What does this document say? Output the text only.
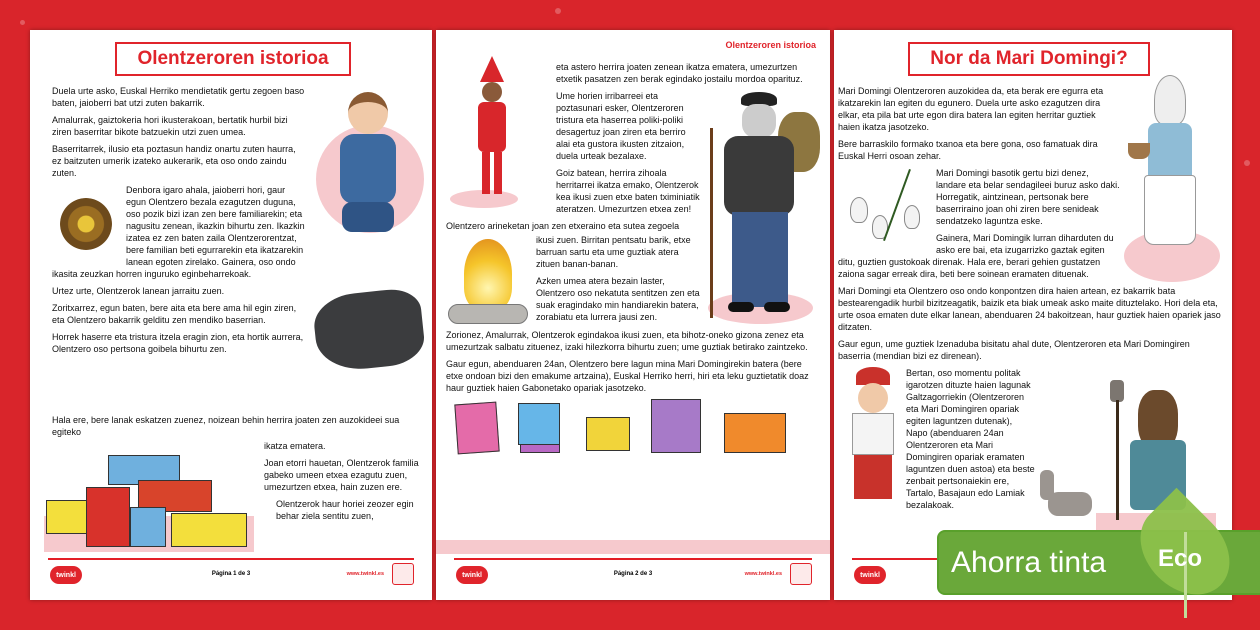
Olentzeroren istorioa
Duela urte asko, Euskal Herriko mendietatik gertu zegoen baso baten, jaioberri bat utzi zuten bakarrik.
Amalurrak, gaiztokeria hori ikusterakoan, bertatik hurbil bizi ziren baserritar bikote batzuekin utzi zuen umea.
Baserritarrek, ilusio eta poztasun handiz onartu zuten haurra, ez baitzuten umerik izateko aukerarik, eta oso ondo zaindu zuten.
Denbora igaro ahala, jaioberri hori, gaur egun Olentzero bezala ezagutzen duguna, oso pozik bizi izan zen bere familiarekin; eta nagusitu zenean, ikazkin bihurtu zen. Ikazkin izatea ez zen baten zaila Olentzerorentzat, bere familian beti egurrarekin eta ikatzarekin lanean egoten zirelako. Gainera, oso ondo ikasita zeuzkan horren inguruko eginbeharrekoak.
Urtez urte, Olentzerok lanean jarraitu zuen.
Zoritxarrez, egun baten, bere aita eta bere ama hil egin ziren, eta Olentzero bakarrik gelditu zen mendiko baserrian.
Horrek haserre eta tristura itzela eragin zion, eta hortik aurrera, Olentzero oso pertsona goibela bihurtu zen.
Hala ere, bere lanak eskatzen zuenez, noizean behin herrira joaten zen auzokideei sua egiteko
ikatza ematera.
Joan etorri hauetan, Olentzerok familia gabeko umeen etxea ezagutu zuen, umezurtzen etxea, hain zuzen ere.
Olentzerok haur horiei zeozer egin behar ziela sentitu zuen,
twinkl	Página 1 de 3	www.twinkl.es
Olentzeroren istorioa
eta astero herrira joaten zenean ikatza ematera, umezurtzen etxetik pasatzen zen berak egindako jostailu mordoa oparituz.
Ume horien irribarreei eta poztasunari esker, Olentzeroren tristura eta haserrea poliki-poliki desagertuz joan ziren eta berriro alai eta gustora ikusten zitzaion, duela urteak bezalaxe.
Goiz batean, herrira zihoala herritarrei ikatza emako, Olentzerok kea ikusi zuen etxe baten tximiniatik ateratzen. Umezurtzen etxea zen!
Olentzero arineketan joan zen etxeraino eta sutea zegoela
ikusi zuen. Birritan pentsatu barik, etxe barruan sartu eta ume guztiak atera zituen banan-banan.
Azken umea atera bezain laster, Olentzero oso nekatuta sentitzen zen eta suak eragindako min handiarekin batera, zorabiatu eta lurrera jausi zen.
Zorionez, Amalurrak, Olentzerok egindakoa ikusi zuen, eta bihotz-oneko gizona zenez eta umezurtzak salbatu zituenez, izaki hilezkorra bihurtu zuen; ume guztiak betirako zaintzeko.
Gaur egun, abenduaren 24an, Olentzero bere lagun mina Mari Domingirekin batera (bere etxe ondoan bizi den emakume artzaina), Euskal Herriko herri, hiri eta leku guztietatik doaz haur guztiek haien Gabonetako opariak jasotzeko.
twinkl	Página 2 de 3	www.twinkl.es
Nor da Mari Domingi?
Mari Domingi Olentzeroren auzokidea da, eta berak ere egurra eta ikatzarekin lan egiten du egunero. Duela urte asko ezagutzen dira elkar, eta pila bat urte egon dira batera lan egiten herritar guztiek haien ikatza jasotzeko.
Bere barraskilo formako txanoa eta bere gona, oso famatuak dira Euskal Herri osoan zehar.
Mari Domingi basotik gertu bizi denez, landare eta belar sendagileei buruz asko daki. Horregatik, aintzinean, pertsonak bere baserriraino joan ohi ziren bere senideak sendatzeko laguntza eske.
Gainera, Mari Domingik lurran diharduten du asko ere bai, eta izugarrizko gaztak egiten ditu, guztien gustokoak direnak. Hala ere, berari gehien gustatzen zaiona sagar erreak dira, beti bere soinean eramaten dituenak.
Mari Domingi eta Olentzero oso ondo konpontzen dira haien artean, ez bakarrik bata bestearengadik hurbil bizitzeagatik, baizik eta biak umeak asko maite dituztelako. Hori dela eta, urte osoa ematen dute elkar lanean, abenduaren 24 bakoitzean, haur guztiek haien opariek jaso ditzaten.
Gaur egun, ume guztiek Izenaduba bisitatu ahal dute, Olentzeroren eta Mari Domingiren baserria (mendian bizi ez direnean).
Bertan, oso momentu politak igarotzen dituzte haien lagunak Galtzagorriekin (Olentzeroren eta Mari Domingiren opariak egiten laguntzen dutenak), Napo (abenduaren 24an Olentzeroren eta Mari Domingiren opariak eramaten laguntzen duen astoa) eta beste zenbait pertsonaiekin ere, Tartalo, Basajaun edo Lamiak bezalakoak.
twinkl Ahorra tinta Eco
